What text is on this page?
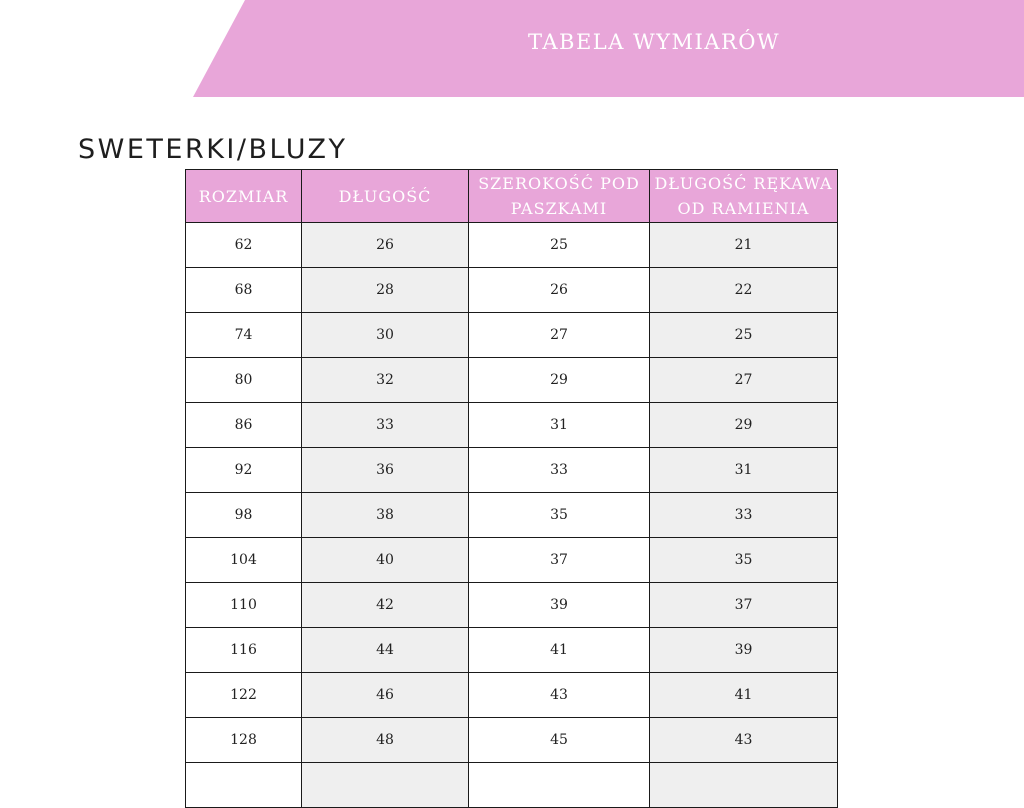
TABELA WYMIARÓW
SWETERKI/BLUZY
ROZMIAR	DŁUGOŚĆ	SZEROKOŚĆ POD PASZKAMI	DŁUGOŚĆ RĘKAWA OD RAMIENIA
62	26	25	21
68	28	26	22
74	30	27	25
80	32	29	27
86	33	31	29
92	36	33	31
98	38	35	33
104	40	37	35
110	42	39	37
116	44	41	39
122	46	43	41
128	48	45	43
